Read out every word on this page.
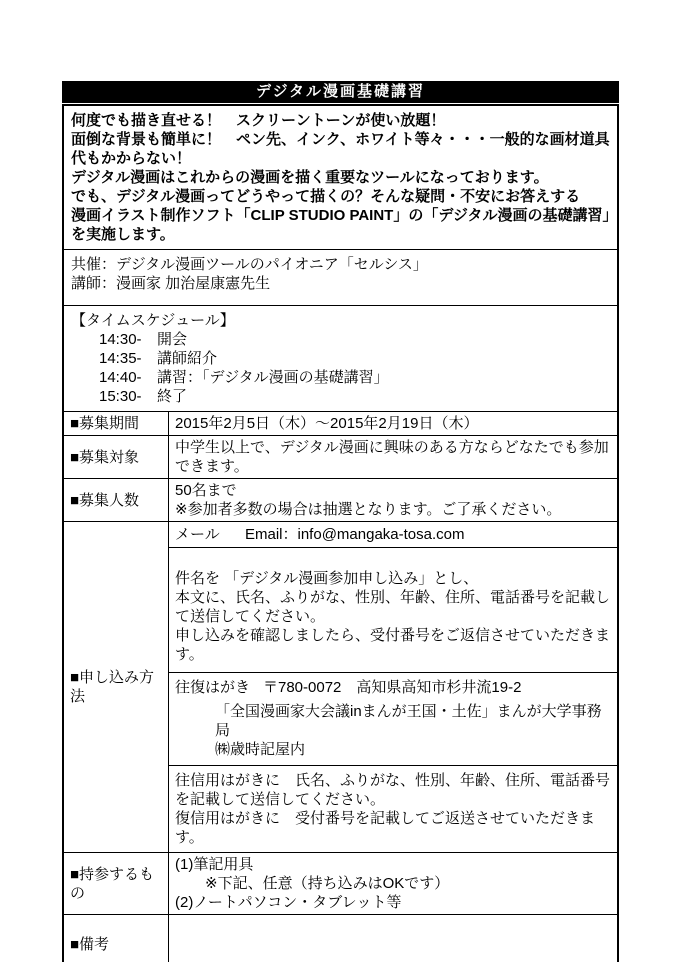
デジタル漫画基礎講習
何度でも描き直せる！　スクリーントーンが使い放題！
面倒な背景も簡単に！　ペン先、インク、ホワイト等々・・・一般的な画材道具代もかからない！
デジタル漫画はこれからの漫画を描く重要なツールになっております。
でも、デジタル漫画ってどうやって描くの？そんな疑問・不安にお答えする
漫画イラスト制作ソフト「CLIP STUDIO PAINT」の「デジタル漫画の基礎講習」を実施します。
共催：デジタル漫画ツールのパイオニア「セルシス」
講師：漫画家 加治屋康憲先生
【タイムスケジュール】
14:30- 開会
14:35- 講師紹介
14:40- 講習：「デジタル漫画の基礎講習」
15:30- 終了
■募集期間	2015年2月5日（木）～2015年2月19日（木）
■募集対象
中学生以上で、デジタル漫画に興味のある方ならどなたでも参加できます。
■募集人数
50名まで
※参加者多数の場合は抽選となります。ご了承ください。
■申し込み方法
メール Email：info@mangaka-tosa.com
件名を 「デジタル漫画参加申し込み」とし、
本文に、氏名、ふりがな、性別、年齢、住所、電話番号を記載して送信してください。
申し込みを確認しましたら、受付番号をご返信させていただきます。
往復はがき 〒780-0072　高知県高知市杉井流19-2
「全国漫画家大会議inまんが王国・土佐」まんが大学事務局
㈱歳時記屋内
往信用はがきに　氏名、ふりがな、性別、年齢、住所、電話番号を記載して送信してください。
復信用はがきに　受付番号を記載してご返送させていただきます。
■持参するもの
(1)筆記用具
　　※下記、任意（持ち込みはOKです）
(2)ノートパソコン・タブレット等
■備考
